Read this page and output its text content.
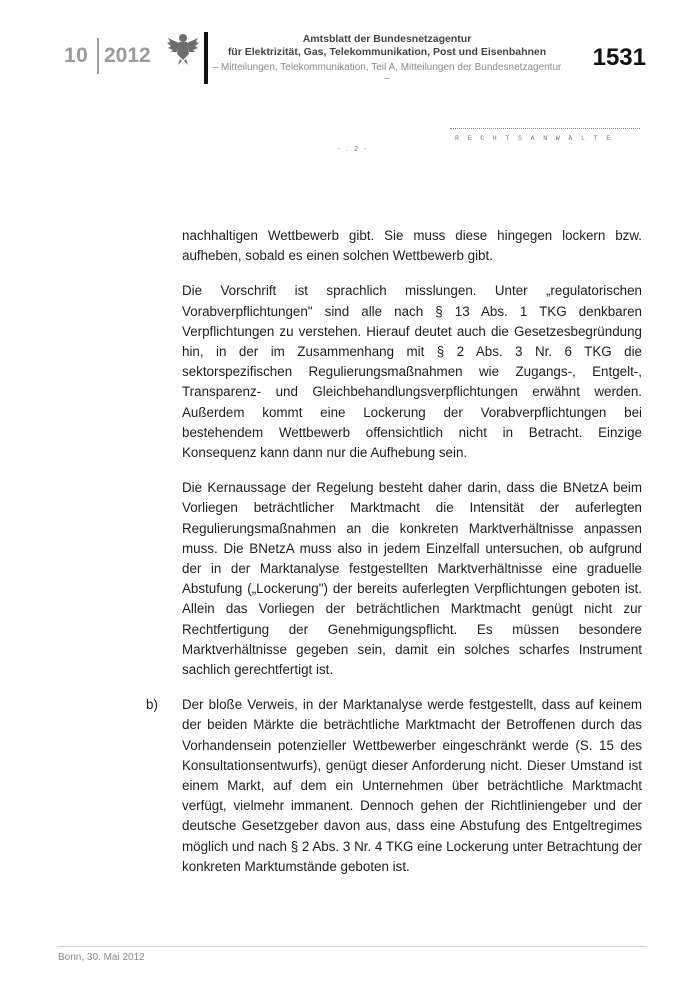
10 2012
Amtsblatt der Bundesnetzagentur
für Elektrizität, Gas, Telekommunikation, Post und Eisenbahnen
– Mitteilungen, Telekommunikation, Teil A, Mitteilungen der Bundesnetzagentur –
1531
R E C H T S A N W Ä L T E
- . 2 -

nachhaltigen Wettbewerb gibt. Sie muss diese hingegen lockern bzw. aufheben, sobald es einen solchen Wettbewerb gibt.

Die Vorschrift ist sprachlich misslungen. Unter „regulatorischen Vorabverpflichtungen" sind alle nach § 13 Abs. 1 TKG denkbaren Verpflichtungen zu verstehen. Hierauf deutet auch die Gesetzesbegründung hin, in der im Zusammenhang mit § 2 Abs. 3 Nr. 6 TKG die sektorspezifischen Regulierungsmaßnahmen wie Zugangs-, Entgelt-, Transparenz- und Gleichbehandlungsverpflichtungen erwähnt werden. Außerdem kommt eine Lockerung der Vorabverpflichtungen bei bestehendem Wettbewerb offensichtlich nicht in Betracht. Einzige Konsequenz kann dann nur die Aufhebung sein.

Die Kernaussage der Regelung besteht daher darin, dass die BNetzA beim Vorliegen beträchtlicher Marktmacht die Intensität der auferlegten Regulierungsmaßnahmen an die konkreten Marktverhältnisse anpassen muss. Die BNetzA muss also in jedem Einzelfall untersuchen, ob aufgrund der in der Marktanalyse festgestellten Marktverhältnisse eine graduelle Abstufung („Lockerung") der bereits auferlegten Verpflichtungen geboten ist. Allein das Vorliegen der beträchtlichen Marktmacht genügt nicht zur Rechtfertigung der Genehmigungspflicht. Es müssen besondere Marktverhältnisse gegeben sein, damit ein solches scharfes Instrument sachlich gerechtfertigt ist.

b) Der bloße Verweis, in der Marktanalyse werde festgestellt, dass auf keinem der beiden Märkte die beträchtliche Marktmacht der Betroffenen durch das Vorhandensein potenzieller Wettbewerber eingeschränkt werde (S. 15 des Konsultationsentwurfs), genügt dieser Anforderung nicht. Dieser Umstand ist einem Markt, auf dem ein Unternehmen über beträchtliche Marktmacht verfügt, vielmehr immanent. Dennoch gehen der Richtliniengeber und der deutsche Gesetzgeber davon aus, dass eine Abstufung des Entgeltregimes möglich und nach § 2 Abs. 3 Nr. 4 TKG eine Lockerung unter Betrachtung der konkreten Marktumstände geboten ist.

Bonn, 30. Mai 2012
